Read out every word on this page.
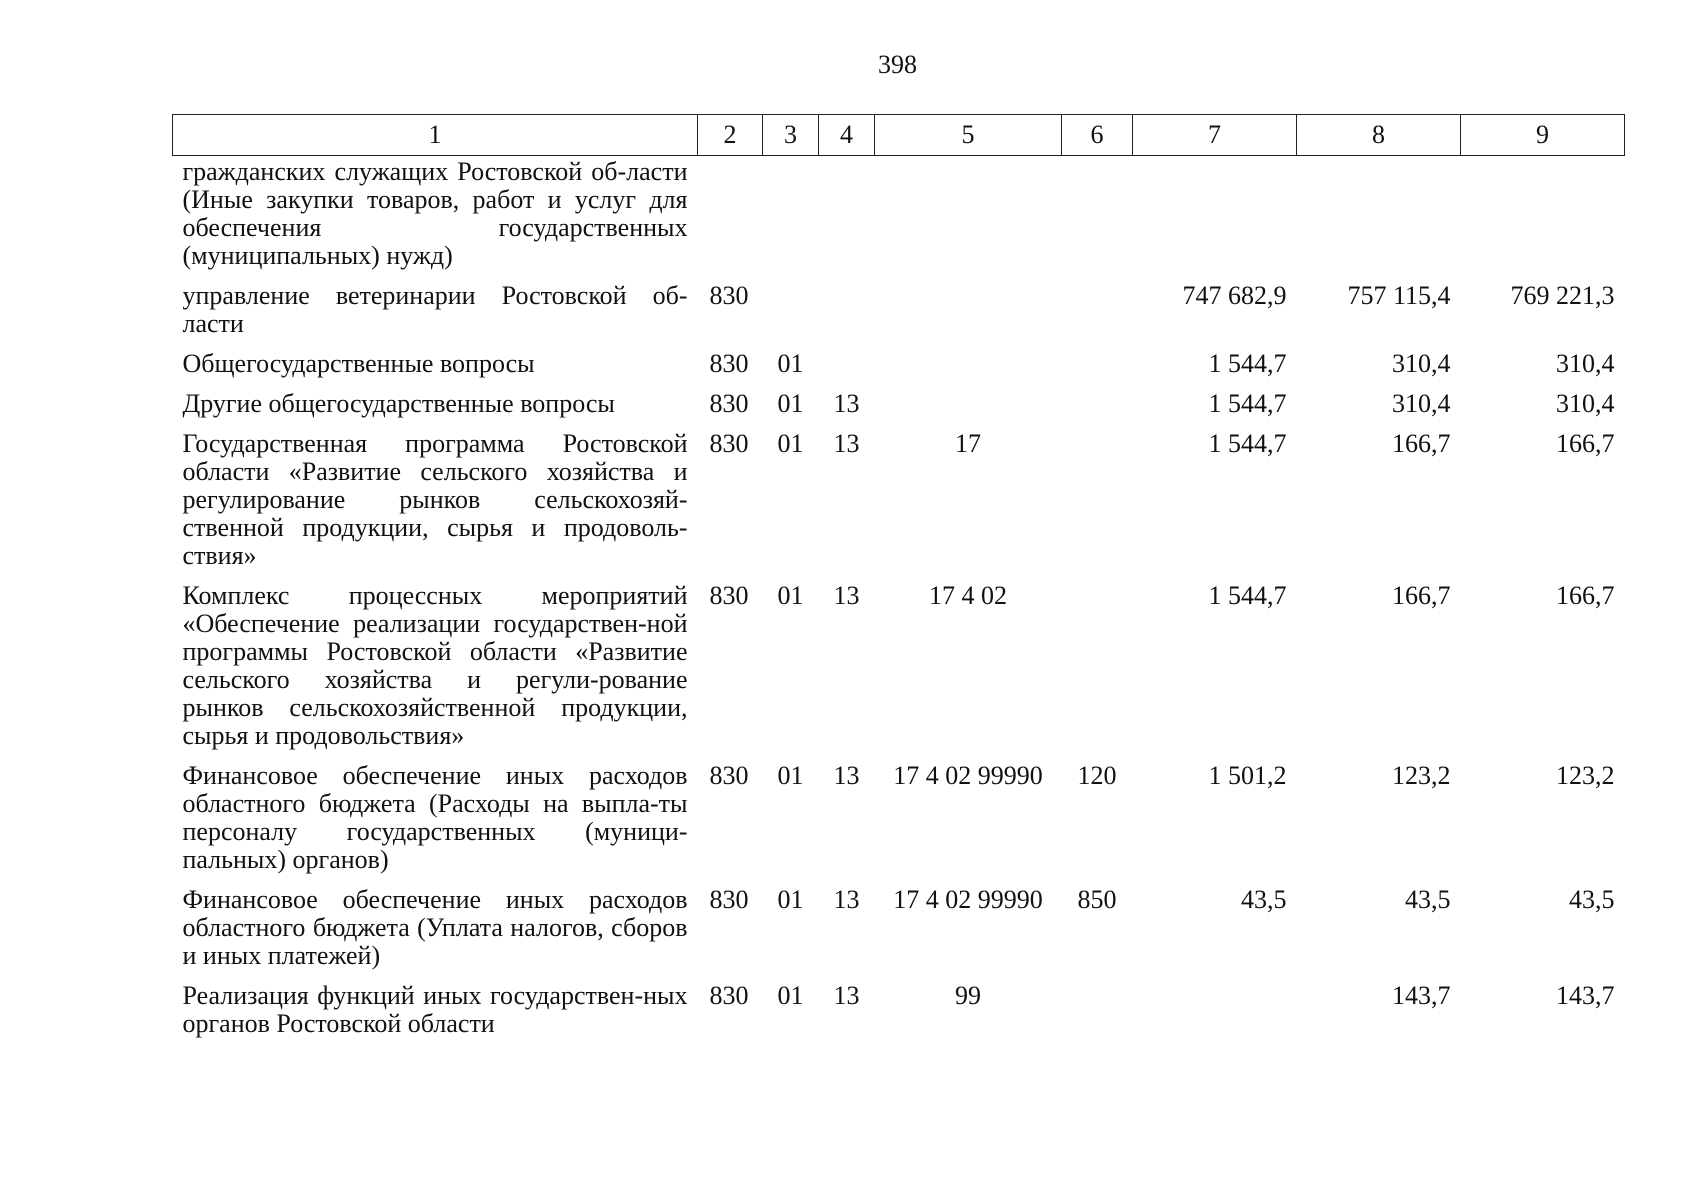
398
1	2	3	4	5	6	7	8	9
гражданских служащих Ростовской об-ласти (Иные закупки товаров, работ и услуг для обеспечения государственных (муниципальных) нужд)								
управление ветеринарии Ростовской об-ласти	830					747 682,9	757 115,4	769 221,3
Общегосударственные вопросы	830	01				1 544,7	310,4	310,4
Другие общегосударственные вопросы	830	01	13			1 544,7	310,4	310,4
Государственная программа Ростовской области «Развитие сельского хозяйства и регулирование рынков сельскохозяй-ственной продукции, сырья и продоволь-ствия»	830	01	13	17		1 544,7	166,7	166,7
Комплекс процессных мероприятий «Обеспечение реализации государствен-ной программы Ростовской области «Развитие сельского хозяйства и регули-рование рынков сельскохозяйственной продукции, сырья и продовольствия»	830	01	13	17 4 02		1 544,7	166,7	166,7
Финансовое обеспечение иных расходов областного бюджета (Расходы на выпла-ты персоналу государственных (муници-пальных) органов)	830	01	13	17 4 02 99990	120	1 501,2	123,2	123,2
Финансовое обеспечение иных расходов областного бюджета (Уплата налогов, сборов и иных платежей)	830	01	13	17 4 02 99990	850	43,5	43,5	43,5
Реализация функций иных государствен-ных органов Ростовской области	830	01	13	99			143,7	143,7
